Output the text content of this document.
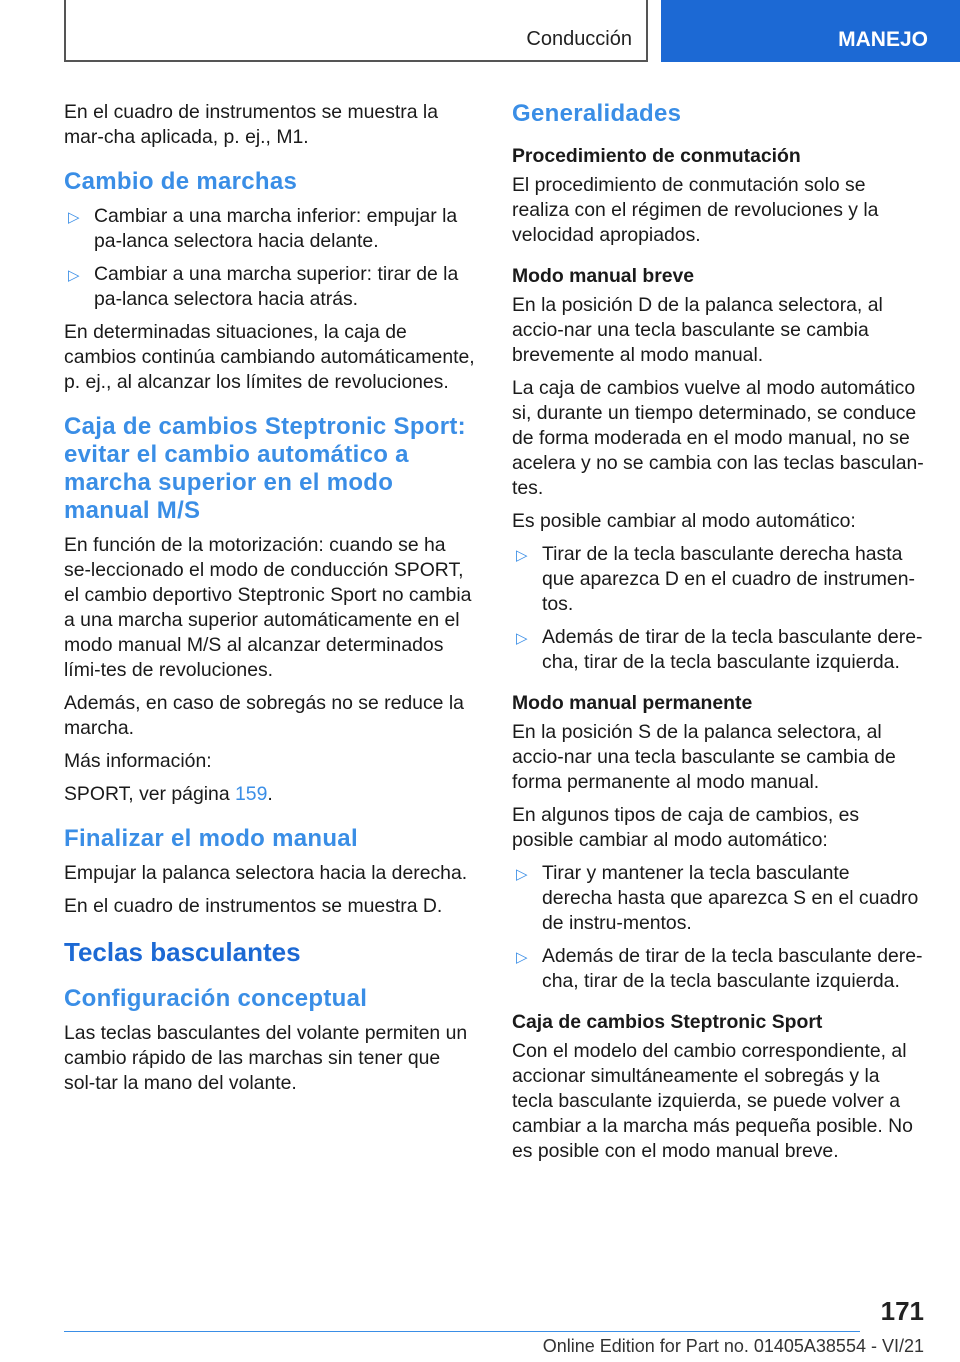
Conducción	MANEJO

En el cuadro de instrumentos se muestra la mar-cha aplicada, p. ej., M1.

Cambio de marchas
▷ Cambiar a una marcha inferior: empujar la pa-lanca selectora hacia delante.
▷ Cambiar a una marcha superior: tirar de la pa-lanca selectora hacia atrás.

En determinadas situaciones, la caja de cambios continúa cambiando automáticamente, p. ej., al alcanzar los límites de revoluciones.

Caja de cambios Steptronic Sport: evitar el cambio automático a marcha superior en el modo manual M/S

En función de la motorización: cuando se ha se-leccionado el modo de conducción SPORT, el cambio deportivo Steptronic Sport no cambia a una marcha superior automáticamente en el modo manual M/S al alcanzar determinados lími-tes de revoluciones.

Además, en caso de sobregás no se reduce la marcha.

Más información:

SPORT, ver página 159.

Finalizar el modo manual

Empujar la palanca selectora hacia la derecha.

En el cuadro de instrumentos se muestra D.

Teclas basculantes
Configuración conceptual

Las teclas basculantes del volante permiten un cambio rápido de las marchas sin tener que sol-tar la mano del volante.

Generalidades
Procedimiento de conmutación

El procedimiento de conmutación solo se realiza con el régimen de revoluciones y la velocidad apropiados.

Modo manual breve

En la posición D de la palanca selectora, al accio-nar una tecla basculante se cambia brevemente al modo manual.

La caja de cambios vuelve al modo automático si, durante un tiempo determinado, se conduce de forma moderada en el modo manual, no se acelera y no se cambia con las teclas basculan-tes.

Es posible cambiar al modo automático:

▷ Tirar de la tecla basculante derecha hasta que aparezca D en el cuadro de instrumen-tos.
▷ Además de tirar de la tecla basculante dere-cha, tirar de la tecla basculante izquierda.
Modo manual permanente

En la posición S de la palanca selectora, al accio-nar una tecla basculante se cambia de forma permanente al modo manual.

En algunos tipos de caja de cambios, es posible cambiar al modo automático:

▷ Tirar y mantener la tecla basculante derecha hasta que aparezca S en el cuadro de instru-mentos.
▷ Además de tirar de la tecla basculante dere-cha, tirar de la tecla basculante izquierda.
Caja de cambios Steptronic Sport

Con el modelo del cambio correspondiente, al accionar simultáneamente el sobregás y la tecla basculante izquierda, se puede volver a cambiar a la marcha más pequeña posible. No es posible con el modo manual breve.

171
Online Edition for Part no. 01405A38554 - VI/21
